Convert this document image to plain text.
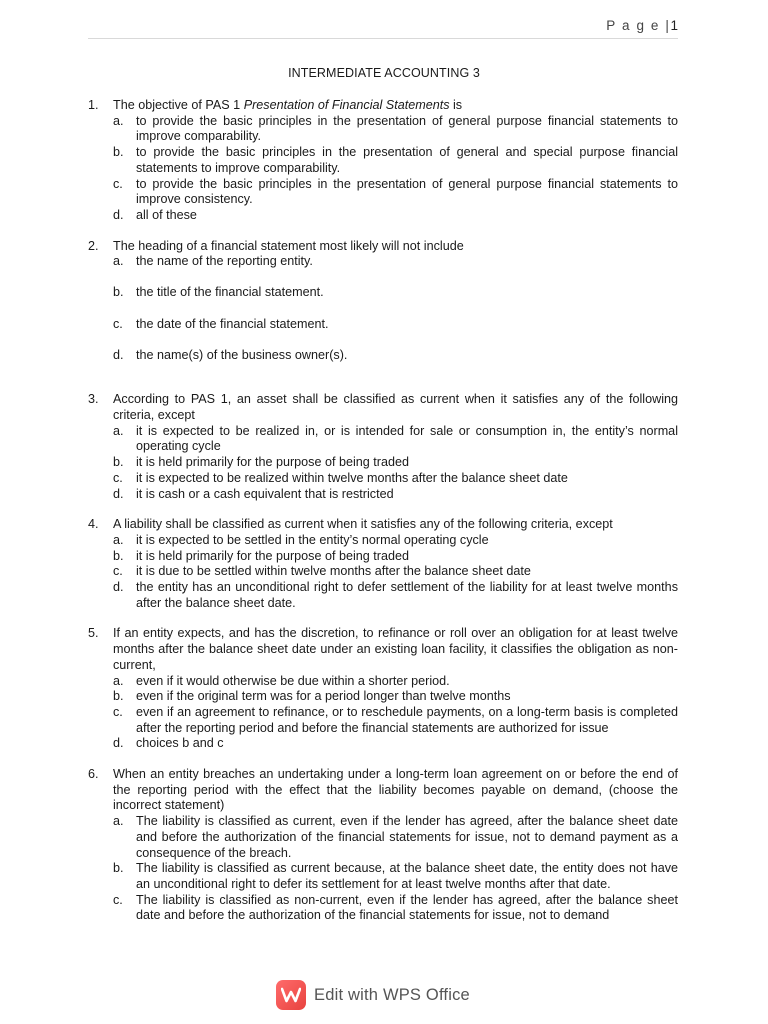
P a g e |1
INTERMEDIATE ACCOUNTING 3
1.	The objective of PAS 1 Presentation of Financial Statements is
a. to provide the basic principles in the presentation of general purpose financial statements to improve comparability.
b. to provide the basic principles in the presentation of general and special purpose financial statements to improve comparability.
c.	to provide the basic principles in the presentation of general purpose financial statements to improve consistency.
d. all of these
2.	The heading of a financial statement most likely will not include
a. the name of the reporting entity.
b. the title of the financial statement.
c.	the date of the financial statement.
d. the name(s) of the business owner(s).
3.	According to PAS 1, an asset shall be classified as current when it satisfies any of the following criteria, except
a. it is expected to be realized in, or is intended for sale or consumption in, the entity’s normal operating cycle
b. it is held primarily for the purpose of being traded
c.	it is expected to be realized within twelve months after the balance sheet date
d. it is cash or a cash equivalent that is restricted
4.	A liability shall be classified as current when it satisfies any of the following criteria, except
a. it is expected to be settled in the entity’s normal operating cycle
b. it is held primarily for the purpose of being traded
c.	it is due to be settled within twelve months after the balance sheet date
d. the entity has an unconditional right to defer settlement of the liability for at least twelve months after the balance sheet date.
5.	If an entity expects, and has the discretion, to refinance or roll over an obligation for at least twelve months after the balance sheet date under an existing loan facility, it classifies the obligation as non-current,
a. even if it would otherwise be due within a shorter period.
b. even if the original term was for a period longer than twelve months
c.	even if an agreement to refinance, or to reschedule payments, on a long-term basis is completed after the reporting period and before the financial statements are authorized for issue
d. choices b and c
6.	When an entity breaches an undertaking under a long-term loan agreement on or before the end of the reporting period with the effect that the liability becomes payable on demand, (choose the incorrect statement)
a. The liability is classified as current, even if the lender has agreed, after the balance sheet date and before the authorization of the financial statements for issue, not to demand payment as a consequence of the breach.
b. The liability is classified as current because, at the balance sheet date, the entity does not have an unconditional right to defer its settlement for at least twelve months after that date.
c.	The liability is classified as non-current, even if the lender has agreed, after the balance sheet date and before the authorization of the financial statements for issue, not to demand
Edit with WPS Office
